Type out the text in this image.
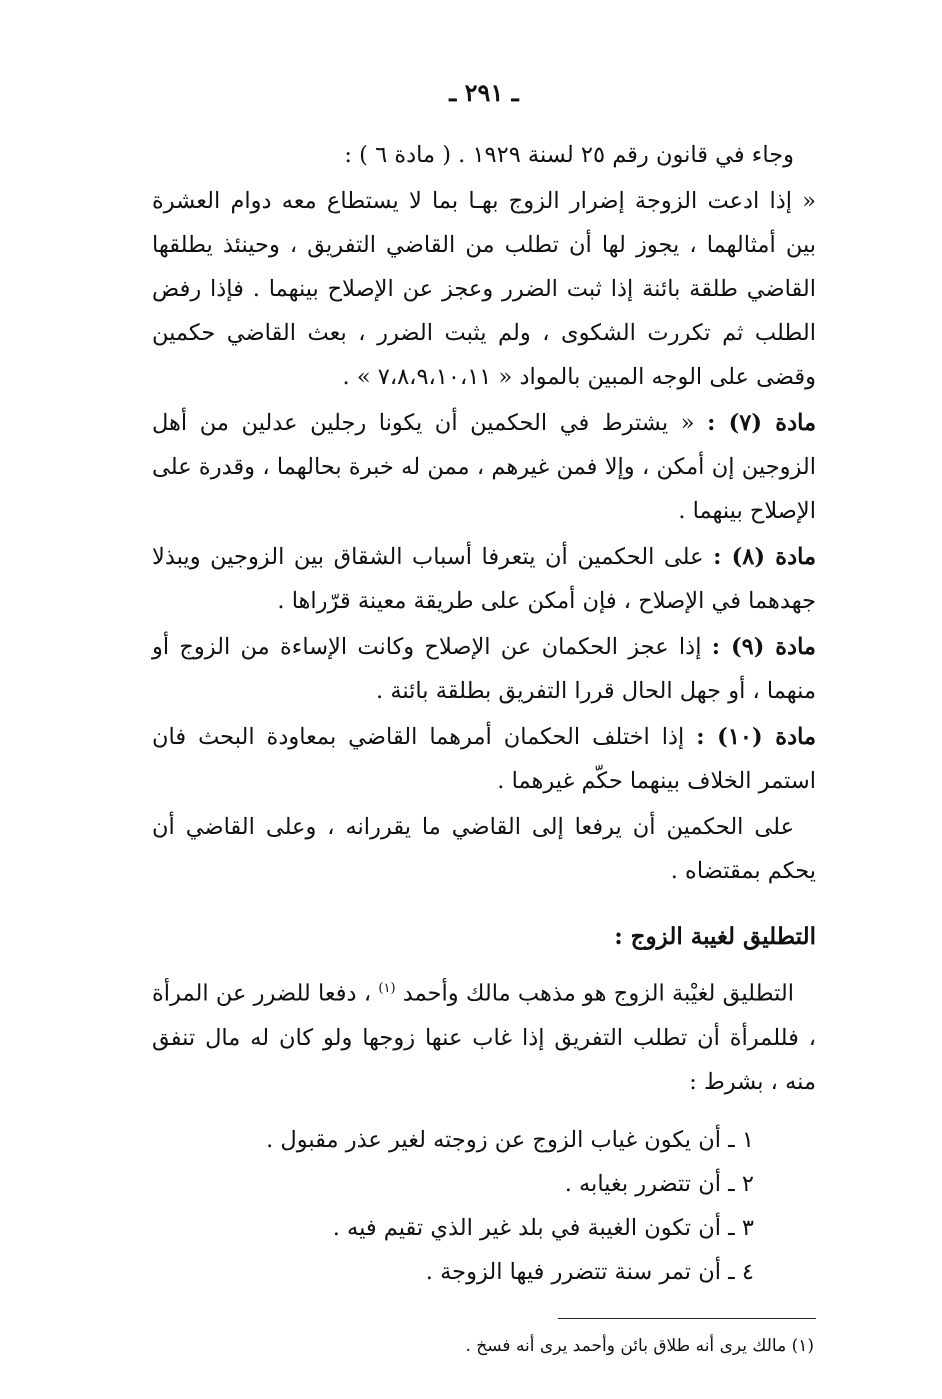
ـ ٢٩١ ـ

وجاء في قانون رقم ٢٥ لسنة ١٩٢٩ . ( مادة ٦ ) :

« إذا ادعت الزوجة إضرار الزوج بهـا بما لا يستطاع معه دوام العشرة بين أمثالهما ، يجوز لها أن تطلب من القاضي التفريق ، وحينئذ يطلقها القاضي طلقة بائنة إذا ثبت الضرر وعجز عن الإصلاح بينهما . فإذا رفض الطلب ثم تكررت الشكوى ، ولم يثبت الضرر ، بعث القاضي حكمين وقضى على الوجه المبين بالمواد « ٧،٨،٩،١٠،١١ » .

مادة (٧) : « يشترط في الحكمين أن يكونا رجلين عدلين من أهل الزوجين إن أمكن ، وإلا فمن غيرهم ، ممن له خبرة بحالهما ، وقدرة على الإصلاح بينهما .

مادة (٨) : على الحكمين أن يتعرفا أسباب الشقاق بين الزوجين ويبذلا جهدهما في الإصلاح ، فإن أمكن على طريقة معينة قرّراها .

مادة (٩) : إذا عجز الحكمان عن الإصلاح وكانت الإساءة من الزوج أو منهما ، أو جهل الحال قررا التفريق بطلقة بائنة .

مادة (١٠) : إذا اختلف الحكمان أمرهما القاضي بمعاودة البحث فان استمر الخلاف بينهما حكّم غيرهما .

على الحكمين أن يرفعا إلى القاضي ما يقررانه ، وعلى القاضي أن يحكم بمقتضاه .

التطليق لغيبة الزوج :

التطليق لغيْبة الزوج هو مذهب مالك وأحمد $^{(١)}$ ، دفعا للضرر عن المرأة ، فللمرأة أن تطلب التفريق إذا غاب عنها زوجها ولو كان له مال تنفق منه ، بشرط :

١ ـ أن يكون غياب الزوج عن زوجته لغير عذر مقبول .
٢ ـ أن تتضرر بغيابه .
٣ ـ أن تكون الغيبة في بلد غير الذي تقيم فيه .
٤ ـ أن تمر سنة تتضرر فيها الزوجة .
(١) مالك يرى أنه طلاق بائن وأحمد يرى أنه فسخ .
